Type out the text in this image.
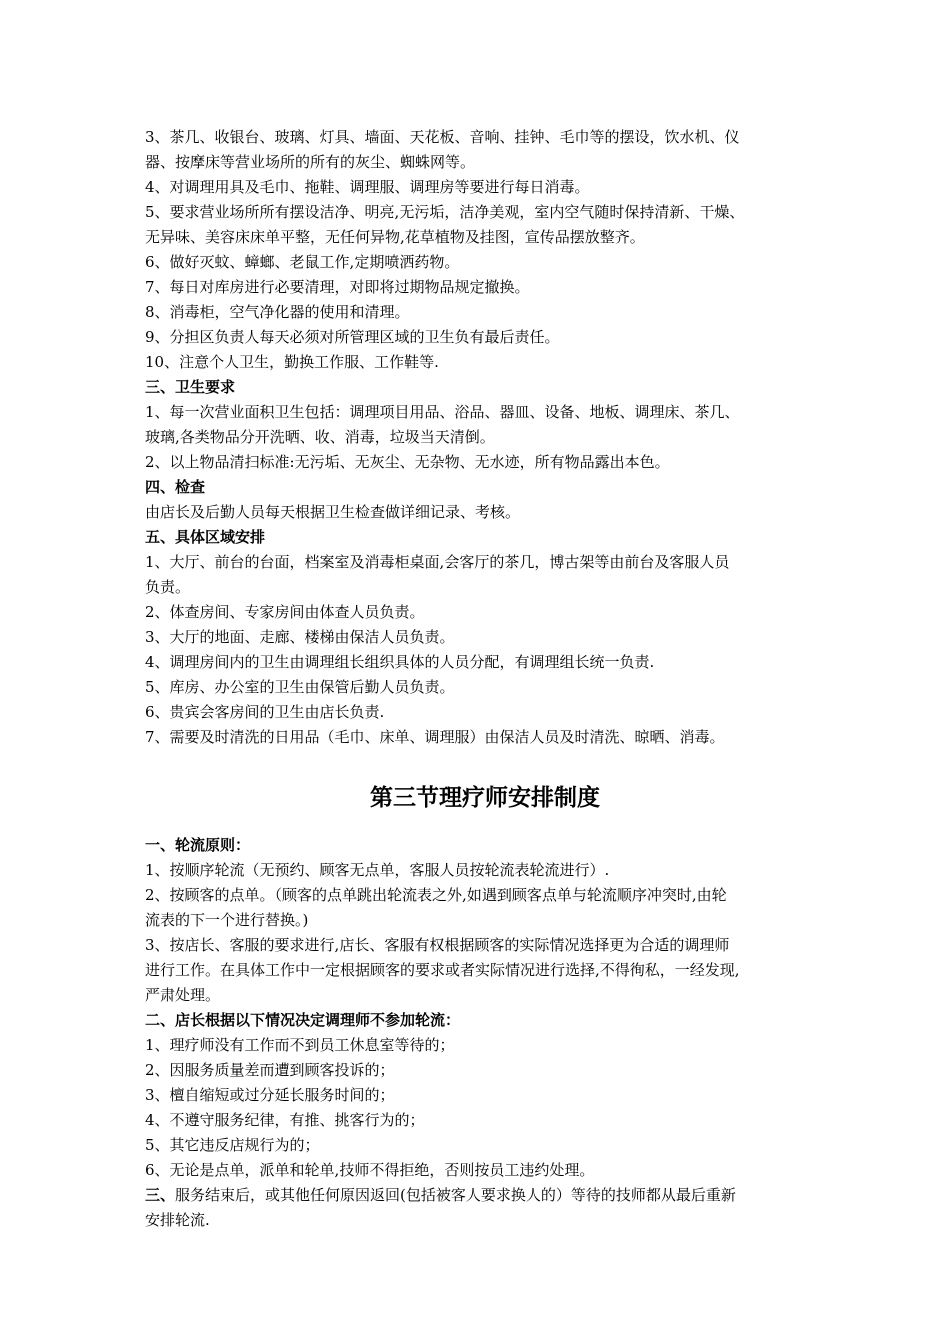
3、茶几、收银台、玻璃、灯具、墙面、天花板、音响、挂钟、毛巾等的摆设，饮水机、仪
器、按摩床等营业场所的所有的灰尘、蜘蛛网等。
4、对调理用具及毛巾、拖鞋、调理服、调理房等要进行每日消毒。
5、要求营业场所所有摆设洁净、明亮,无污垢，洁净美观，室内空气随时保持清新、干燥、
无异味、美容床床单平整，无任何异物,花草植物及挂图，宣传品摆放整齐。
6、做好灭蚊、蟑螂、老鼠工作,定期喷洒药物。
7、每日对库房进行必要清理，对即将过期物品规定撤换。
8、消毒柜，空气净化器的使用和清理。
9、分担区负责人每天必须对所管理区域的卫生负有最后责任。
10、注意个人卫生，勤换工作服、工作鞋等.
三、卫生要求
1、每一次营业面积卫生包括：调理项目用品、浴品、器皿、设备、地板、调理床、茶几、
玻璃,各类物品分开洗晒、收、消毒，垃圾当天清倒。
2、以上物品清扫标准:无污垢、无灰尘、无杂物、无水迹，所有物品露出本色。
四、检查
由店长及后勤人员每天根据卫生检查做详细记录、考核。
五、具体区域安排
1、大厅、前台的台面，档案室及消毒柜桌面,会客厅的茶几，博古架等由前台及客服人员
负责。
2、体查房间、专家房间由体查人员负责。
3、大厅的地面、走廊、楼梯由保洁人员负责。
4、调理房间内的卫生由调理组长组织具体的人员分配，有调理组长统一负责.
5、库房、办公室的卫生由保管后勤人员负责。
6、贵宾会客房间的卫生由店长负责.
7、需要及时清洗的日用品（毛巾、床单、调理服）由保洁人员及时清洗、晾晒、消毒。
第三节理疗师安排制度
一、轮流原则：
1、按顺序轮流（无预约、顾客无点单，客服人员按轮流表轮流进行）.
2、按顾客的点单。（顾客的点单跳出轮流表之外,如遇到顾客点单与轮流顺序冲突时,由轮
流表的下一个进行替换。)
3、按店长、客服的要求进行,店长、客服有权根据顾客的实际情况选择更为合适的调理师
进行工作。在具体工作中一定根据顾客的要求或者实际情况进行选择,不得徇私，一经发现,
严肃处理。
二、店长根据以下情况决定调理师不参加轮流：
1、理疗师没有工作而不到员工休息室等待的；
2、因服务质量差而遭到顾客投诉的；
3、檀自缩短或过分延长服务时间的；
4、不遵守服务纪律，有推、挑客行为的；
5、其它违反店规行为的；
6、无论是点单，派单和轮单,技师不得拒绝，否则按员工违约处理。
三、服务结束后，或其他任何原因返回(包括被客人要求换人的）等待的技师都从最后重新
安排轮流.
